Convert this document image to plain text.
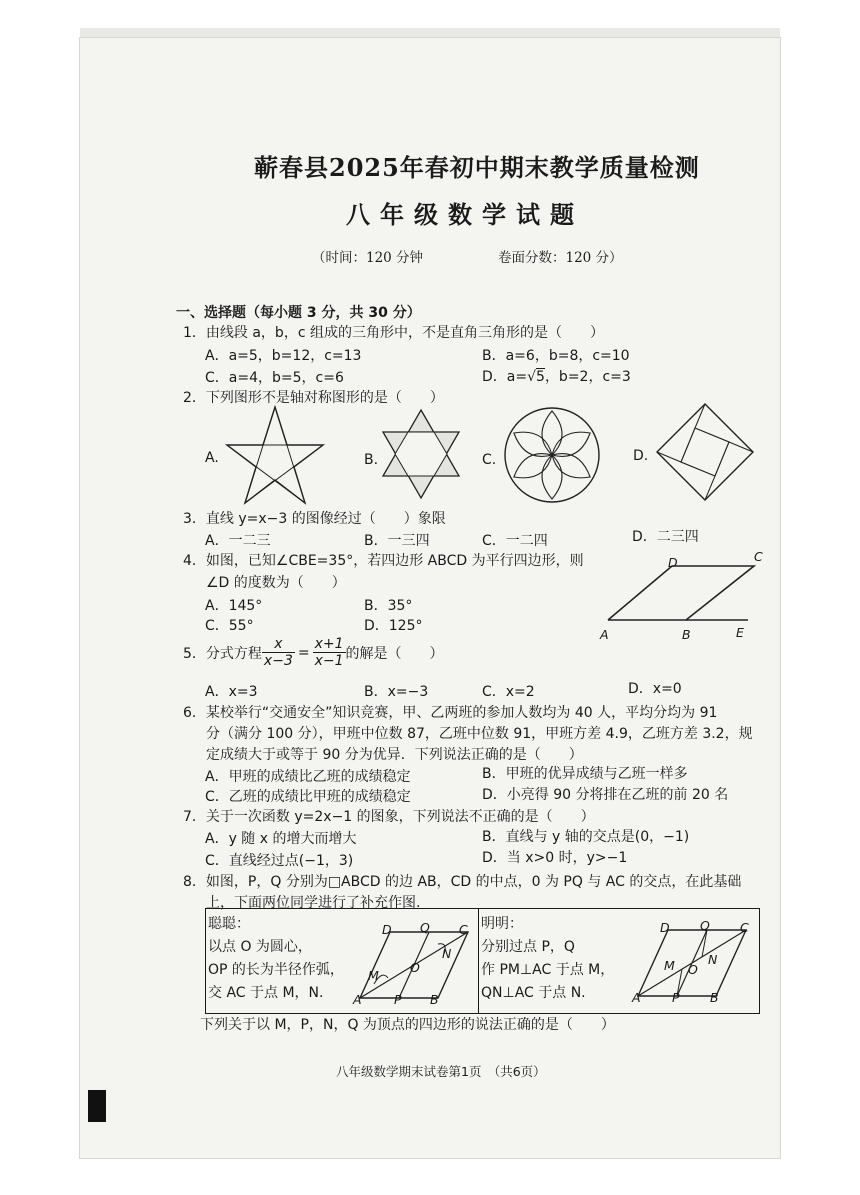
蕲春县2025年春初中期末教学质量检测
八年级数学试题
（时间：120 分钟	卷面分数：120 分）
一、选择题（每小题 3 分，共 30 分）
1．由线段 a，b，c 组成的三角形中，不是直角三角形的是（　　）
A．a=5，b=12，c=13	B．a=6，b=8，c=10
C．a=4，b=5，c=6	D．a=√5，b=2，c=3
2．下列图形不是轴对称图形的是（　　）
A.	B.	C.	D.
3．直线 y=x−3 的图像经过（　　）象限
A．一二三	B．一三四	C．一二四	D．二三四
4．如图，已知∠CBE=35°，若四边形 ABCD 为平行四边形，则
∠D 的度数为（　　）
A．145°	B．35°
C．55°	D．125°
D	C
A	B	E
5．分式方程 $\frac{x}{x-3} = \frac{x+1}{x-1}$ 的解是（　　）
A．x=3	B．x=−3	C．x=2	D．x=0
6．某校举行“交通安全”知识竞赛，甲、乙两班的参加人数均为 40 人，平均分均为 91
分（满分 100 分），甲班中位数 87，乙班中位数 91，甲班方差 4.9，乙班方差 3.2，规
定成绩大于或等于 90 分为优异．下列说法正确的是（　　）
A．甲班的成绩比乙班的成绩稳定	B．甲班的优异成绩与乙班一样多
C．乙班的成绩比甲班的成绩稳定	D．小亮得 90 分将排在乙班的前 20 名
7．关于一次函数 y=2x−1 的图象，下列说法不正确的是（　　）
A．y 随 x 的增大而增大	B．直线与 y 轴的交点是(0，−1)
C．直线经过点(−1，3)	D．当 x>0 时，y>−1
8．如图，P，Q 分别为□ABCD 的边 AB，CD 的中点，0 为 PQ 与 AC 的交点，在此基础
上，下面两位同学进行了补充作图.
聪聪：
以点 O 为圆心，
OP 的长为半径作弧，
交 AC 于点 M，N.
明明：
分别过点 P，Q
作 PM⊥AC 于点 M，
QN⊥AC 于点 N.
D Q C
A	P B
M
N
O
D Q C
A	P B
M	N
O
下列关于以 M，P，N，Q 为顶点的四边形的说法正确的是（　　）
八年级数学期末试卷第1页　（共6页）
